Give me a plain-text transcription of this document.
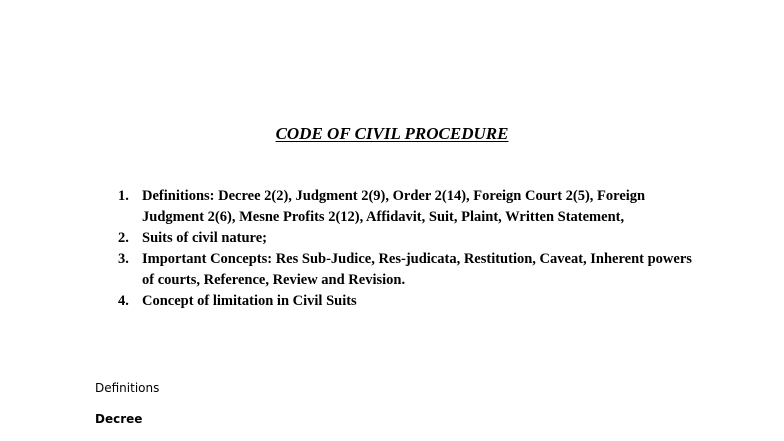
CODE OF CIVIL PROCEDURE
1. Definitions: Decree 2(2), Judgment 2(9), Order 2(14), Foreign Court 2(5), Foreign Judgment 2(6), Mesne Profits 2(12), Affidavit, Suit, Plaint, Written Statement,
2. Suits of civil nature;
3. Important Concepts: Res Sub-Judice, Res-judicata, Restitution, Caveat, Inherent powers of courts, Reference, Review and Revision.
4. Concept of limitation in Civil Suits

Definitions

Decree
